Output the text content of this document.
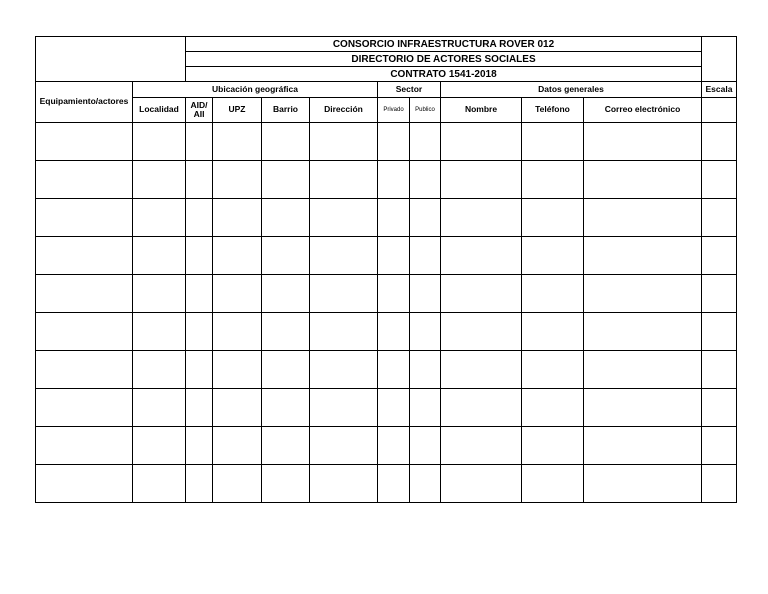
		CONSORCIO INFRAESTRUCTURA ROVER 012									
		DIRECTORIO DE ACTORES SOCIALES									
		CONTRATO 1541-2018									
Equipamiento/actores	Ubicación geográfica					Sector		Datos generales			Escala
	Localidad	AID/ AII	UPZ	Barrio	Dirección	Privado	Publico	Nombre	Teléfono	Correo electrónico	
